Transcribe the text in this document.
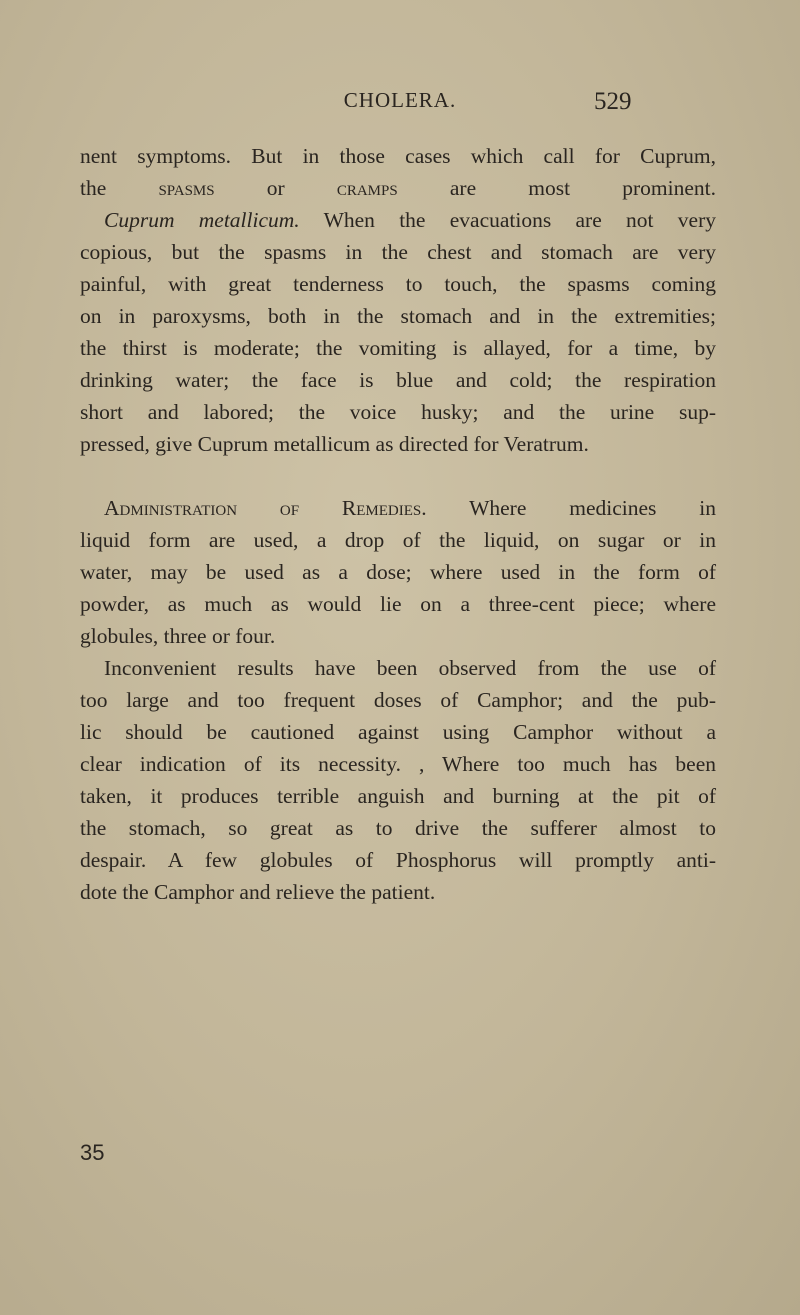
CHOLERA.	529
nent symptoms. But in those cases which call for Cuprum,
the spasms or cramps are most prominent.
Cuprum metallicum. When the evacuations are not very
copious, but the spasms in the chest and stomach are very
painful, with great tenderness to touch, the spasms coming
on in paroxysms, both in the stomach and in the extremities;
the thirst is moderate; the vomiting is allayed, for a time, by
drinking water; the face is blue and cold; the respiration
short and labored; the voice husky; and the urine sup-
pressed, give Cuprum metallicum as directed for Veratrum.
Administration of Remedies. Where medicines in
liquid form are used, a drop of the liquid, on sugar or in
water, may be used as a dose; where used in the form of
powder, as much as would lie on a three-cent piece; where
globules, three or four.
Inconvenient results have been observed from the use of
too large and too frequent doses of Camphor; and the pub-
lic should be cautioned against using Camphor without a
clear indication of its necessity. , Where too much has been
taken, it produces terrible anguish and burning at the pit of
the stomach, so great as to drive the sufferer almost to
despair. A few globules of Phosphorus will promptly anti-
dote the Camphor and relieve the patient.
35
